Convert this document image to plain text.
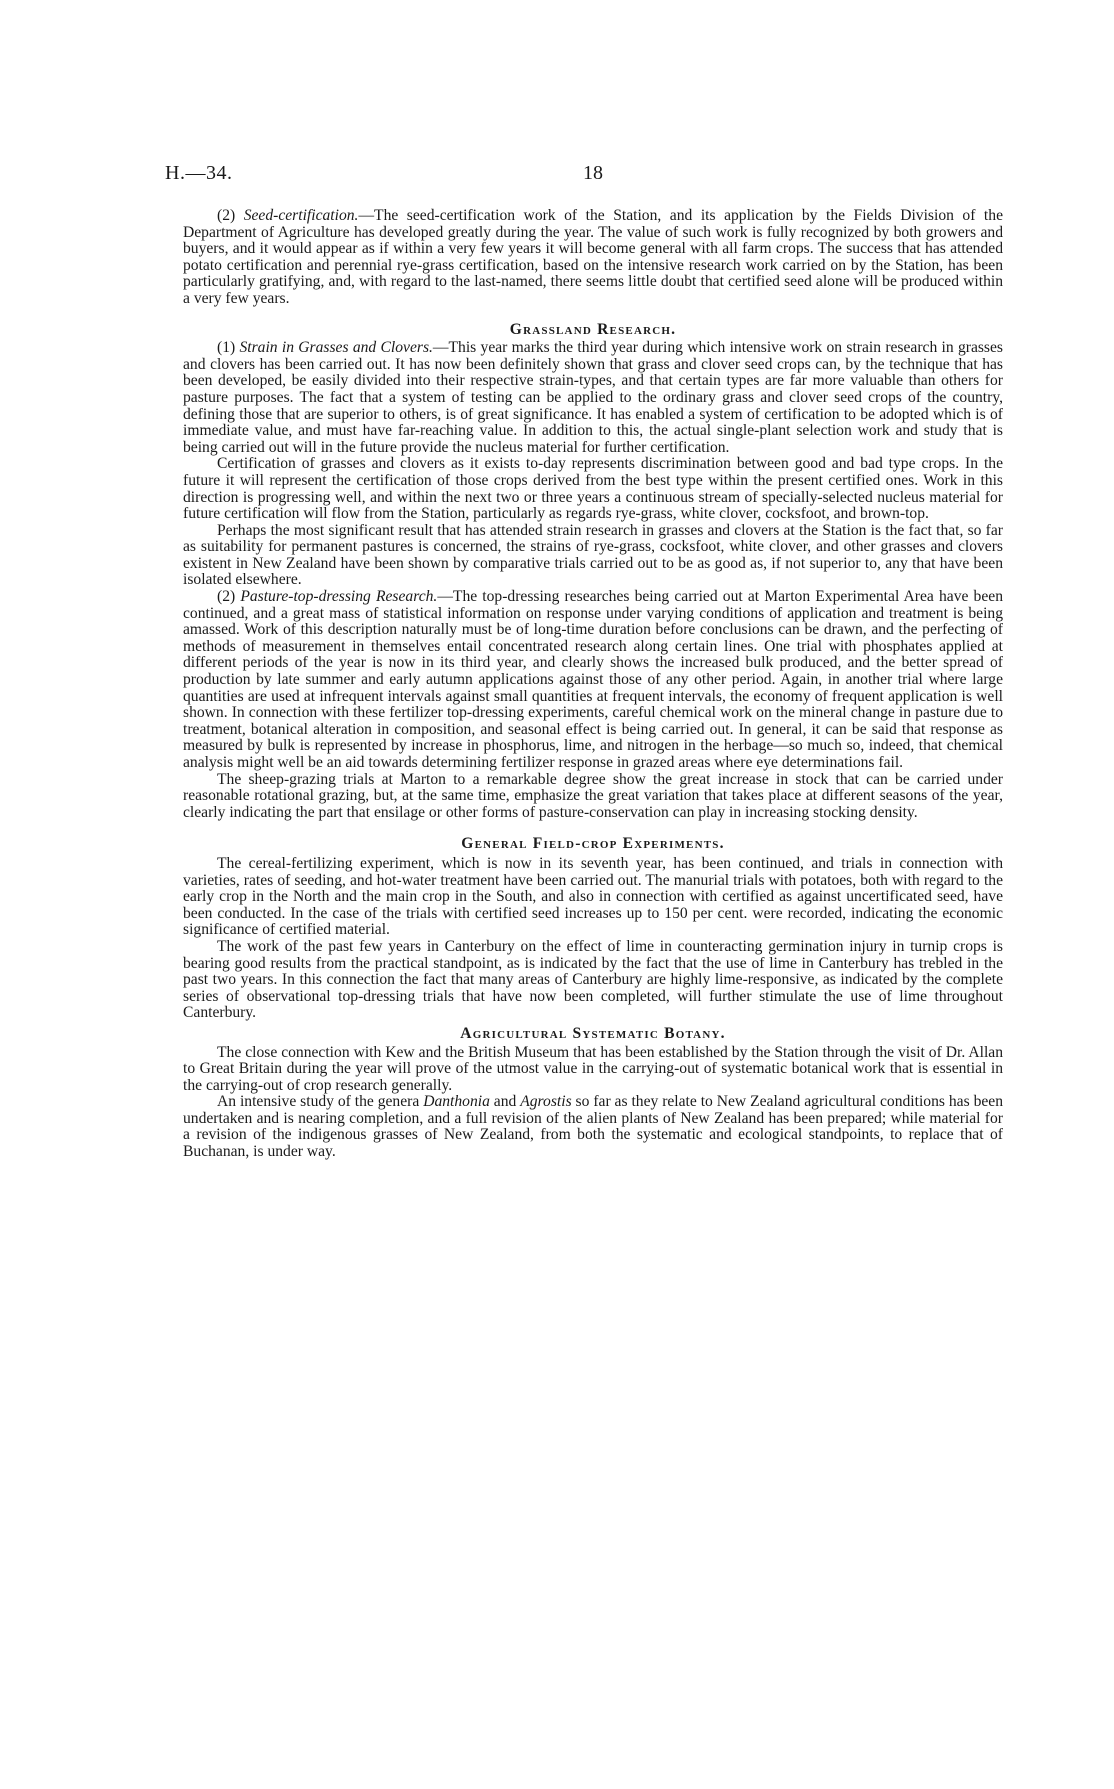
H.—34.	18

(2) Seed-certification.—The seed-certification work of the Station, and its application by the Fields Division of the Department of Agriculture has developed greatly during the year. The value of such work is fully recognized by both growers and buyers, and it would appear as if within a very few years it will become general with all farm crops. The success that has attended potato certification and perennial rye-grass certification, based on the intensive research work carried on by the Station, has been particularly gratifying, and, with regard to the last-named, there seems little doubt that certified seed alone will be produced within a very few years.

Grassland Research.

(1) Strain in Grasses and Clovers.—This year marks the third year during which intensive work on strain research in grasses and clovers has been carried out. It has now been definitely shown that grass and clover seed crops can, by the technique that has been developed, be easily divided into their respective strain-types, and that certain types are far more valuable than others for pasture purposes. The fact that a system of testing can be applied to the ordinary grass and clover seed crops of the country, defining those that are superior to others, is of great significance. It has enabled a system of certification to be adopted which is of immediate value, and must have far-reaching value. In addition to this, the actual single-plant selection work and study that is being carried out will in the future provide the nucleus material for further certification.

Certification of grasses and clovers as it exists to-day represents discrimination between good and bad type crops. In the future it will represent the certification of those crops derived from the best type within the present certified ones. Work in this direction is progressing well, and within the next two or three years a continuous stream of specially-selected nucleus material for future certification will flow from the Station, particularly as regards rye-grass, white clover, cocksfoot, and brown-top.

Perhaps the most significant result that has attended strain research in grasses and clovers at the Station is the fact that, so far as suitability for permanent pastures is concerned, the strains of rye-grass, cocksfoot, white clover, and other grasses and clovers existent in New Zealand have been shown by comparative trials carried out to be as good as, if not superior to, any that have been isolated elsewhere.

(2) Pasture-top-dressing Research.—The top-dressing researches being carried out at Marton Experimental Area have been continued, and a great mass of statistical information on response under varying conditions of application and treatment is being amassed. Work of this description naturally must be of long-time duration before conclusions can be drawn, and the perfecting of methods of measurement in themselves entail concentrated research along certain lines. One trial with phosphates applied at different periods of the year is now in its third year, and clearly shows the increased bulk produced, and the better spread of production by late summer and early autumn applications against those of any other period. Again, in another trial where large quantities are used at infrequent intervals against small quantities at frequent intervals, the economy of frequent application is well shown. In connection with these fertilizer top-dressing experiments, careful chemical work on the mineral change in pasture due to treatment, botanical alteration in composition, and seasonal effect is being carried out. In general, it can be said that response as measured by bulk is represented by increase in phosphorus, lime, and nitrogen in the herbage—so much so, indeed, that chemical analysis might well be an aid towards determining fertilizer response in grazed areas where eye determinations fail.

The sheep-grazing trials at Marton to a remarkable degree show the great increase in stock that can be carried under reasonable rotational grazing, but, at the same time, emphasize the great variation that takes place at different seasons of the year, clearly indicating the part that ensilage or other forms of pasture-conservation can play in increasing stocking density.

General Field-crop Experiments.

The cereal-fertilizing experiment, which is now in its seventh year, has been continued, and trials in connection with varieties, rates of seeding, and hot-water treatment have been carried out. The manurial trials with potatoes, both with regard to the early crop in the North and the main crop in the South, and also in connection with certified as against uncertificated seed, have been conducted. In the case of the trials with certified seed increases up to 150 per cent. were recorded, indicating the economic significance of certified material.

The work of the past few years in Canterbury on the effect of lime in counteracting germination injury in turnip crops is bearing good results from the practical standpoint, as is indicated by the fact that the use of lime in Canterbury has trebled in the past two years. In this connection the fact that many areas of Canterbury are highly lime-responsive, as indicated by the complete series of observational top-dressing trials that have now been completed, will further stimulate the use of lime throughout Canterbury.

Agricultural Systematic Botany.

The close connection with Kew and the British Museum that has been established by the Station through the visit of Dr. Allan to Great Britain during the year will prove of the utmost value in the carrying-out of systematic botanical work that is essential in the carrying-out of crop research generally.

An intensive study of the genera Danthonia and Agrostis so far as they relate to New Zealand agricultural conditions has been undertaken and is nearing completion, and a full revision of the alien plants of New Zealand has been prepared; while material for a revision of the indigenous grasses of New Zealand, from both the systematic and ecological standpoints, to replace that of Buchanan, is under way.
